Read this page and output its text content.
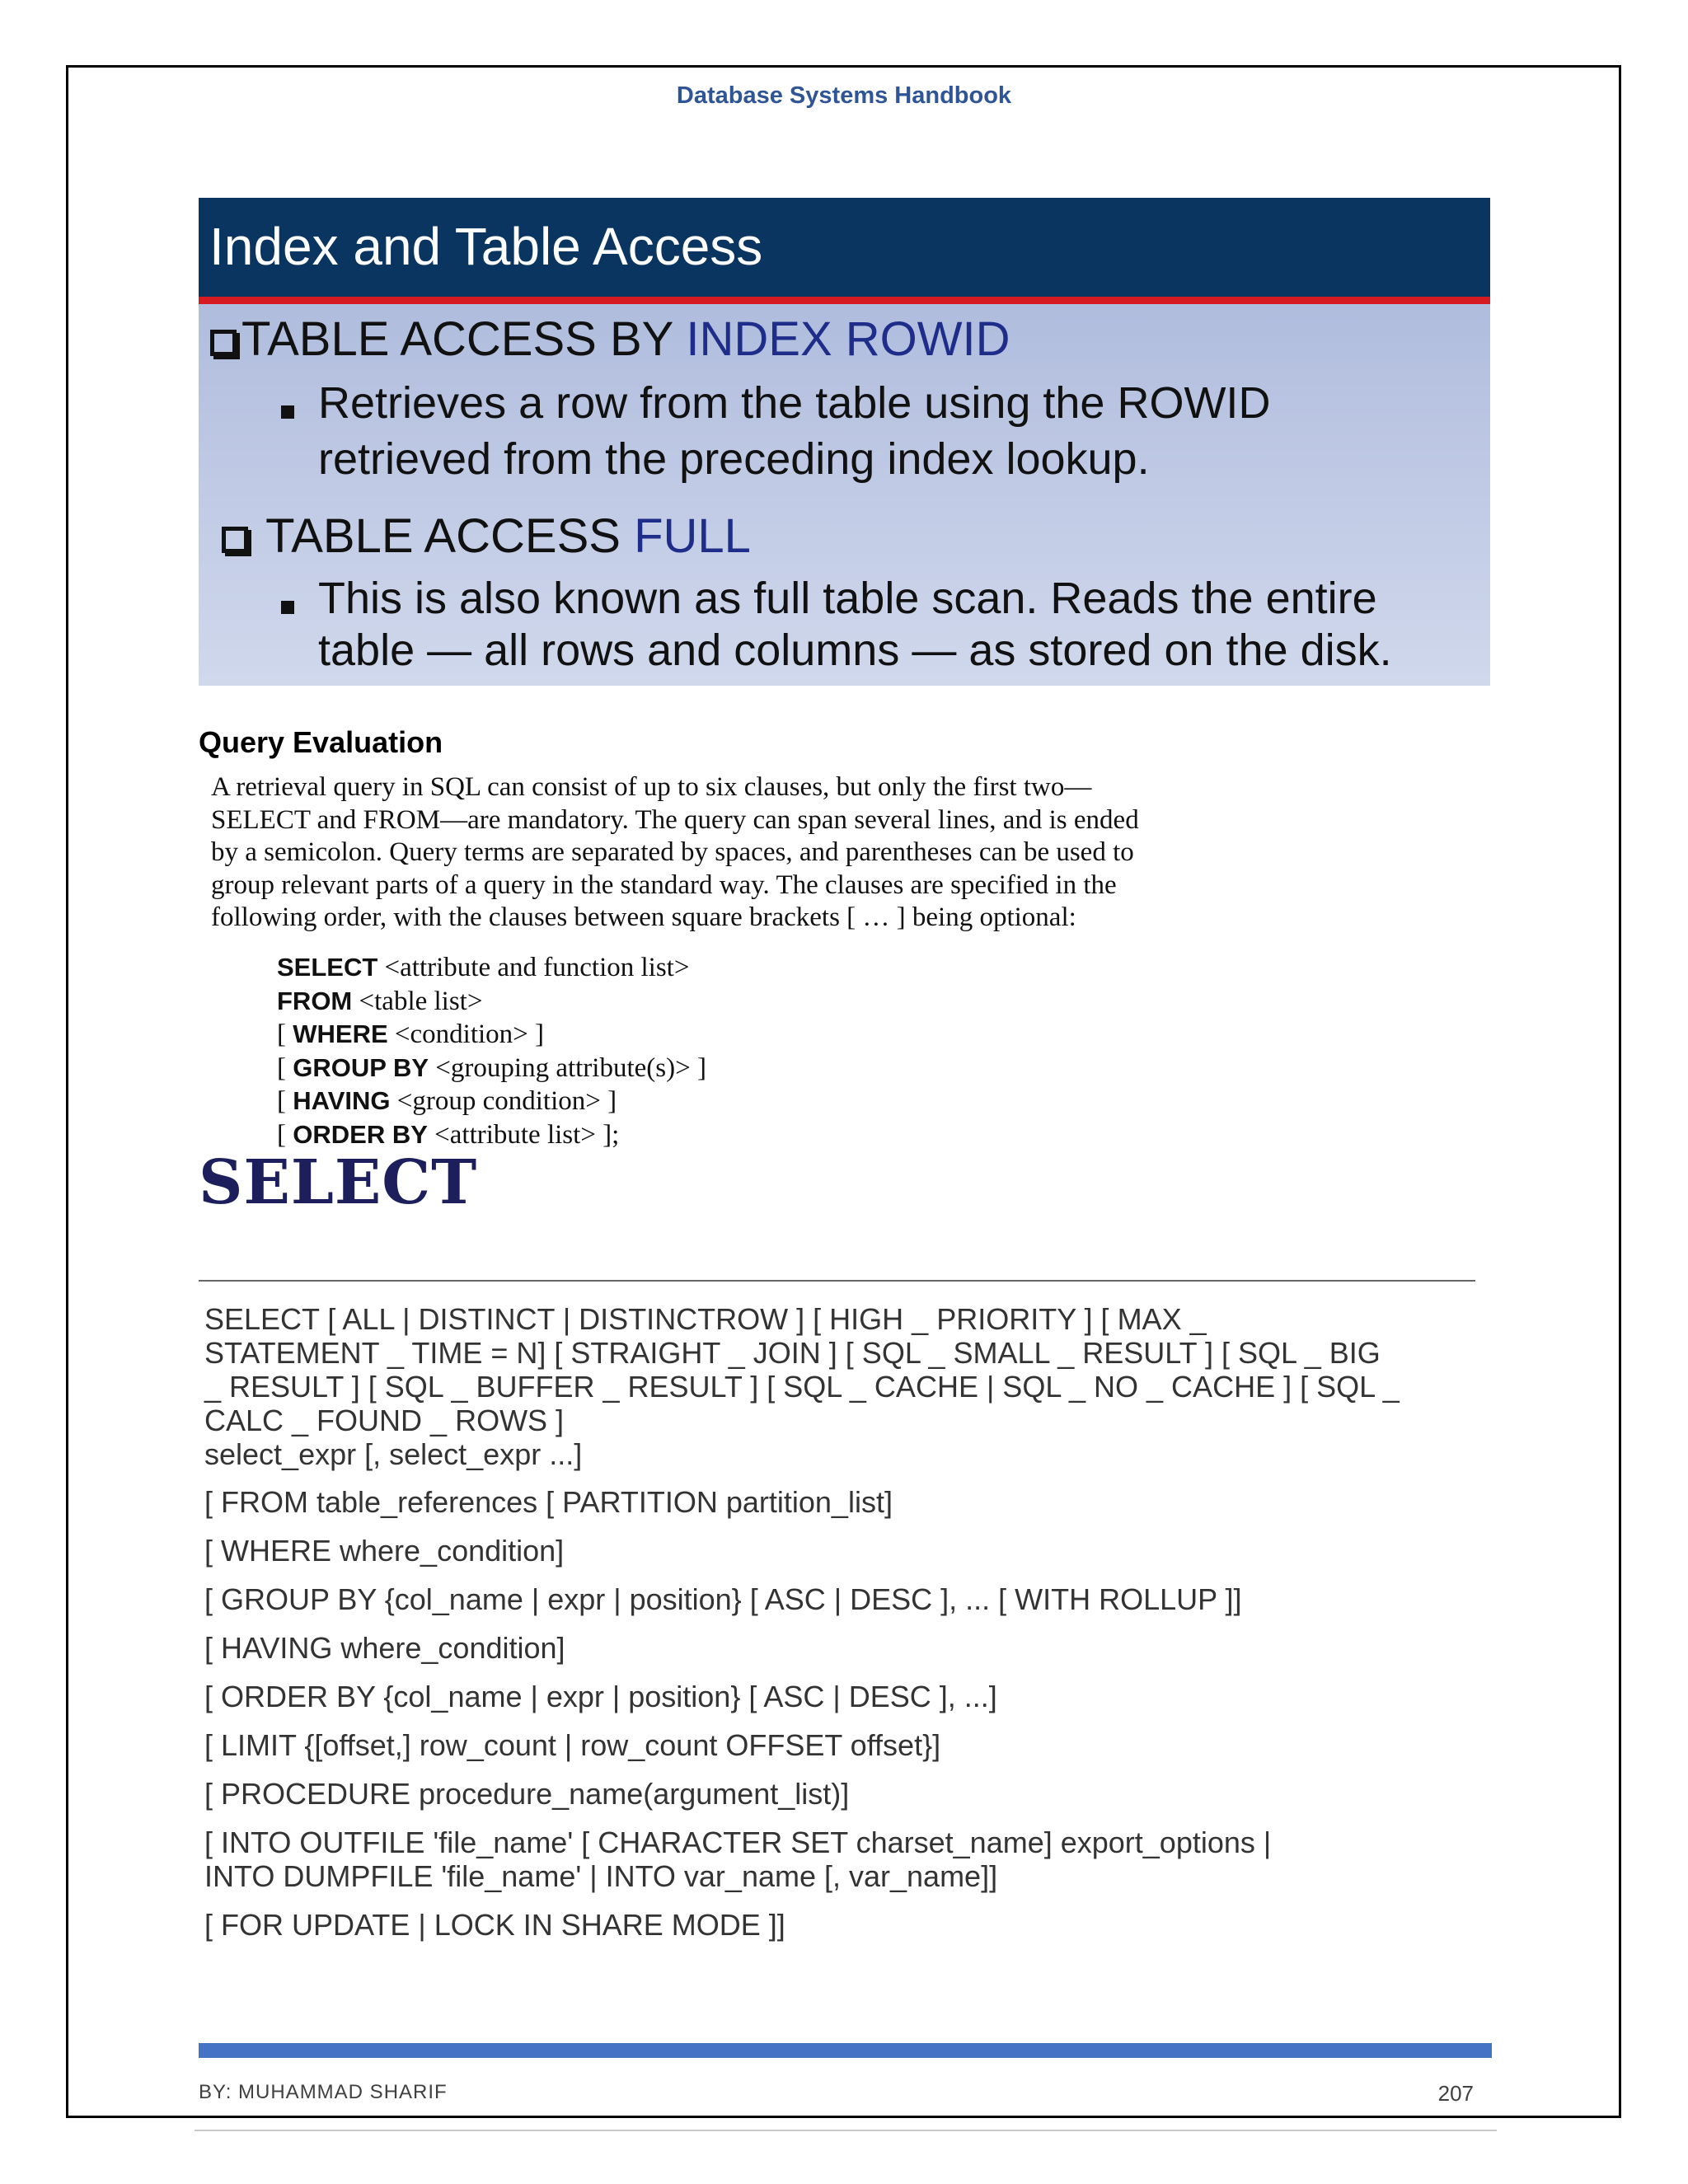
Database Systems Handbook
Index and Table Access
TABLE ACCESS BY INDEX ROWID
Retrieves a row from the table using the ROWID
retrieved from the preceding index lookup.
TABLE ACCESS FULL
This is also known as full table scan. Reads the entire
table — all rows and columns — as stored on the disk.
Query Evaluation
A retrieval query in SQL can consist of up to six clauses, but only the first two—
SELECT and FROM—are mandatory. The query can span several lines, and is ended
by a semicolon. Query terms are separated by spaces, and parentheses can be used to
group relevant parts of a query in the standard way. The clauses are specified in the
following order, with the clauses between square brackets [ … ] being optional:
SELECT <attribute and function list>
FROM <table list>
[ WHERE <condition> ]
[ GROUP BY <grouping attribute(s)> ]
[ HAVING <group condition> ]
[ ORDER BY <attribute list> ];
SELECT
SELECT [ ALL | DISTINCT | DISTINCTROW ] [ HIGH _ PRIORITY ] [ MAX _
STATEMENT _ TIME = N] [ STRAIGHT _ JOIN ] [ SQL _ SMALL _ RESULT ] [ SQL _ BIG
_ RESULT ] [ SQL _ BUFFER _ RESULT ] [ SQL _ CACHE | SQL _ NO _ CACHE ] [ SQL _
CALC _ FOUND _ ROWS ]
select_expr [, select_expr ...]
[ FROM table_references [ PARTITION partition_list]
[ WHERE where_condition]
[ GROUP BY {col_name | expr | position} [ ASC | DESC ], ... [ WITH ROLLUP ]]
[ HAVING where_condition]
[ ORDER BY {col_name | expr | position} [ ASC | DESC ], ...]
[ LIMIT {[offset,] row_count | row_count OFFSET offset}]
[ PROCEDURE procedure_name(argument_list)]
[ INTO OUTFILE 'file_name' [ CHARACTER SET charset_name] export_options |
INTO DUMPFILE 'file_name' | INTO var_name [, var_name]]
[ FOR UPDATE | LOCK IN SHARE MODE ]]
BY: MUHAMMAD SHARIF	207
